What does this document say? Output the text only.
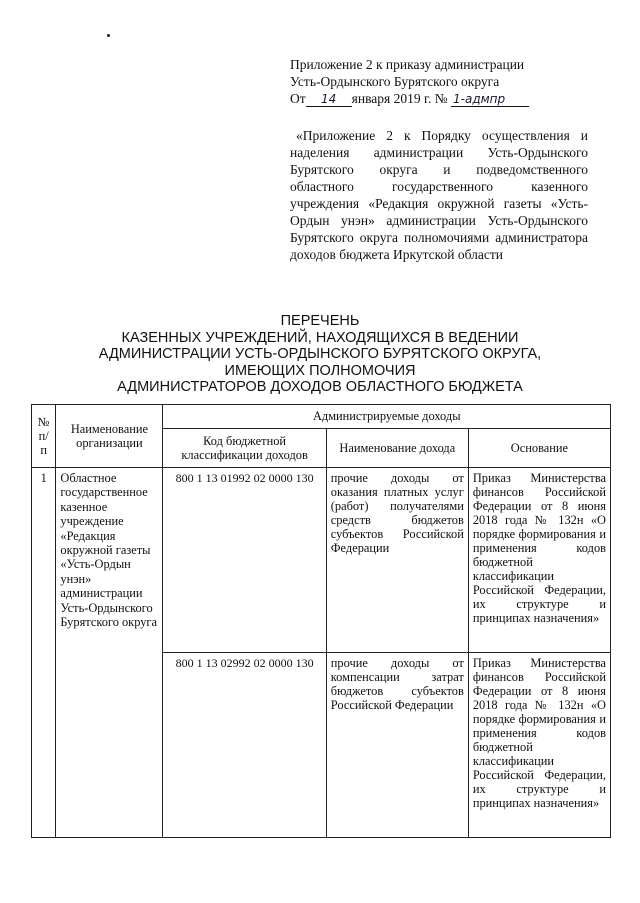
Приложение 2 к приказу администрации
Усть-Ордынского Бурятского округа
От 14 января 2019 г. № 1-адмпр
«Приложение 2 к Порядку осуществления и наделения администрации Усть-Ордынского Бурятского округа и подведомственного областного государственного казенного учреждения «Редакция окружной газеты «Усть-Ордын унэн» администрации Усть-Ордынского Бурятского округа полномочиями администратора доходов бюджета Иркутской области
ПЕРЕЧЕНЬ
КАЗЕННЫХ УЧРЕЖДЕНИЙ, НАХОДЯЩИХСЯ В ВЕДЕНИИ
АДМИНИСТРАЦИИ УСТЬ-ОРДЫНСКОГО БУРЯТСКОГО ОКРУГА,
ИМЕЮЩИХ ПОЛНОМОЧИЯ
АДМИНИСТРАТОРОВ ДОХОДОВ ОБЛАСТНОГО БЮДЖЕТА
№ п/п	Наименование организации	Администрируемые доходы		
		Код бюджетной классификации доходов	Наименование дохода	Основание
1	Областное государственное казенное учреждение «Редакция окружной газеты «Усть-Ордын унэн» администрации Усть-Ордынского Бурятского округа	800 1 13 01992 02 0000 130	прочие доходы от оказания платных услуг (работ) получателями средств бюджетов субъектов Российской Федерации	Приказ Министерства финансов Российской Федерации от 8 июня 2018 года № 132н «О порядке формирования и применения кодов бюджетной классификации Российской Федерации, их структуре и принципах назначения»
		800 1 13 02992 02 0000 130	прочие доходы от компенсации затрат бюджетов субъектов Российской Федерации	Приказ Министерства финансов Российской Федерации от 8 июня 2018 года № 132н «О порядке формирования и применения кодов бюджетной классификации Российской Федерации, их структуре и принципах назначения»
